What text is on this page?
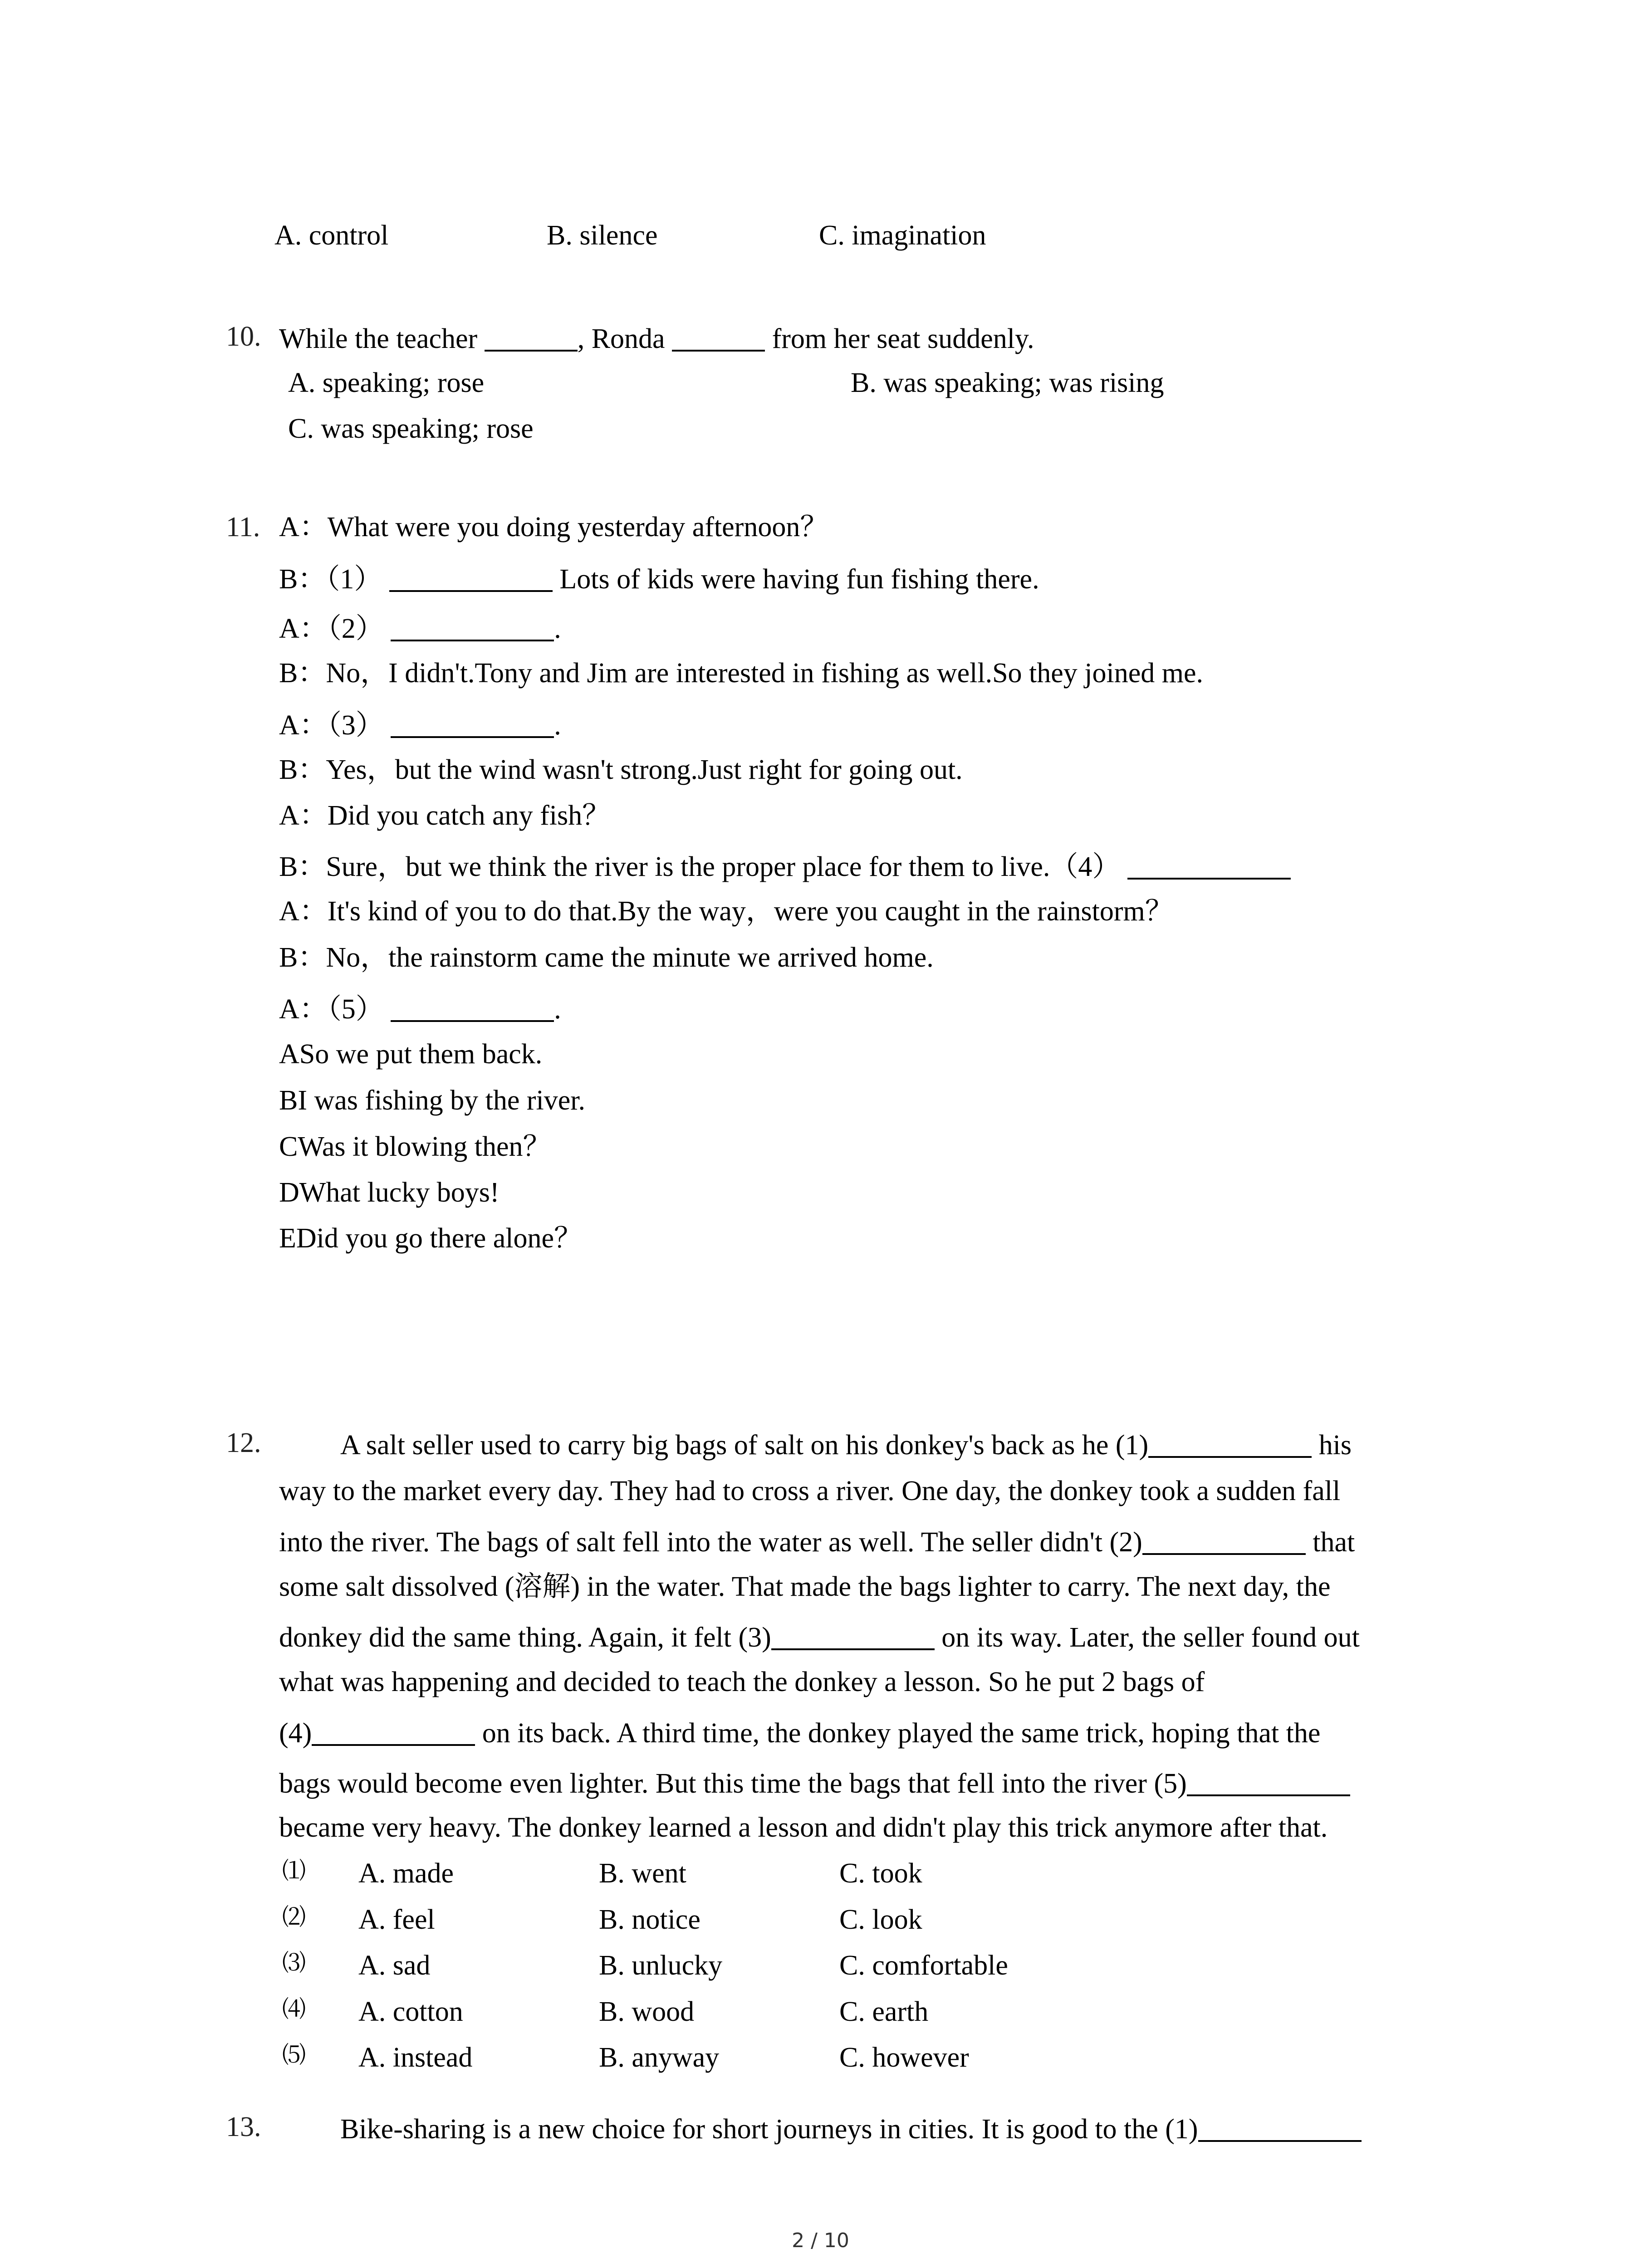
A. control	B. silence	C. imagination
10. While the teacher	, Ronda	from her seat suddenly.
A. speaking; rose	B. was speaking; was rising
C. was speaking; rose
11. A：What were you doing yesterday afternoon？
B：（1）	Lots of kids were having fun fishing there.
A：（2）	.
B：No，I didn't.Tony and Jim are interested in fishing as well.So they joined me.
A：（3）	.
B：Yes，but the wind wasn't strong.Just right for going out.
A：Did you catch any fish？
B：Sure，but we think the river is the proper place for them to live.（4）
A：It's kind of you to do that.By the way，were you caught in the rainstorm？
B：No，the rainstorm came the minute we arrived home.
A：（5）	.
ASo we put them back.
BI was fishing by the river.
CWas it blowing then？
DWhat lucky boys!
EDid you go there alone？
12.	A salt seller used to carry big bags of salt on his donkey's back as he (1)	his
way to the market every day. They had to cross a river. One day, the donkey took a sudden fall
into the river. The bags of salt fell into the water as well. The seller didn't (2)	that
some salt dissolved (溶解) in the water. That made the bags lighter to carry. The next day, the
donkey did the same thing. Again, it felt (3)	on its way. Later, the seller found out
what was happening and decided to teach the donkey a lesson. So he put 2 bags of
(4)	on its back. A third time, the donkey played the same trick, hoping that the
bags would become even lighter. But this time the bags that fell into the river (5)
became very heavy. The donkey learned a lesson and didn't play this trick anymore after that.
⑴ A. made	B. went	C. took
⑵ A. feel	B. notice	C. look
⑶ A. sad	B. unlucky	C. comfortable
⑷ A. cotton	B. wood	C. earth
⑸ A. instead	B. anyway	C. however
13.	Bike-sharing is a new choice for short journeys in cities. It is good to the (1)
2 / 10
